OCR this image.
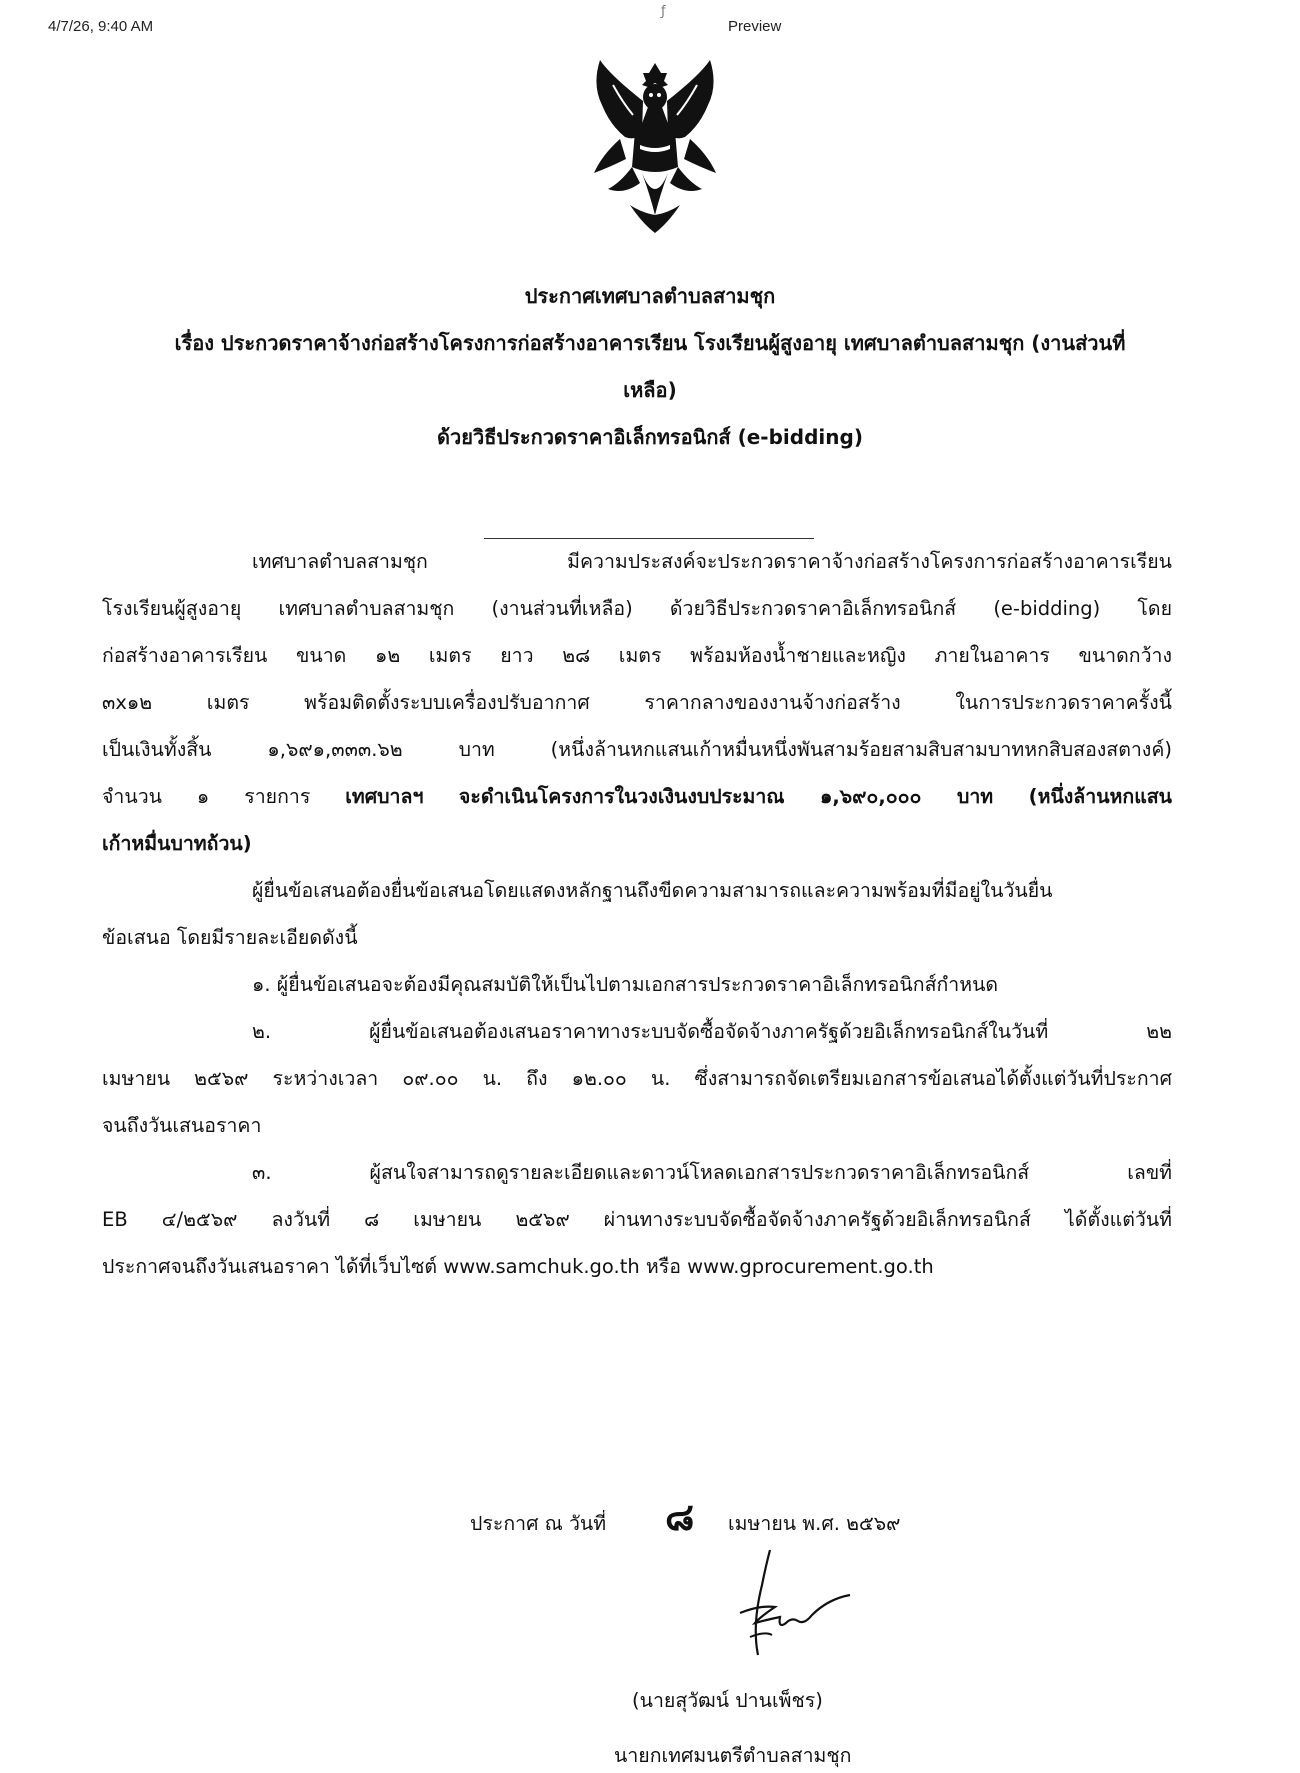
4/7/26, 9:40 AM	Preview
ƒ
ประกาศเทศบาลตำบลสามชุก
เรื่อง ประกวดราคาจ้างก่อสร้างโครงการก่อสร้างอาคารเรียน โรงเรียนผู้สูงอายุ เทศบาลตำบลสามชุก (งานส่วนที่
เหลือ)
ด้วยวิธีประกวดราคาอิเล็กทรอนิกส์ (e-bidding)
เทศบาลตำบลสามชุก มีความประสงค์จะประกวดราคาจ้างก่อสร้างโครงการก่อสร้างอาคารเรียน
โรงเรียนผู้สูงอายุ เทศบาลตำบลสามชุก (งานส่วนที่เหลือ) ด้วยวิธีประกวดราคาอิเล็กทรอนิกส์ (e-bidding) โดย
ก่อสร้างอาคารเรียน ขนาด ๑๒ เมตร ยาว ๒๘ เมตร พร้อมห้องน้ำชายและหญิง ภายในอาคาร ขนาดกว้าง
๓x๑๒ เมตร พร้อมติดตั้งระบบเครื่องปรับอากาศ ราคากลางของงานจ้างก่อสร้าง ในการประกวดราคาครั้งนี้
เป็นเงินทั้งสิ้น ๑,๖๙๑,๓๓๓.๖๒ บาท (หนึ่งล้านหกแสนเก้าหมื่นหนึ่งพันสามร้อยสามสิบสามบาทหกสิบสองสตางค์)
จำนวน ๑ รายการ เทศบาลฯ จะดำเนินโครงการในวงเงินงบประมาณ ๑,๖๙๐,๐๐๐ บาท (หนึ่งล้านหกแสน
เก้าหมื่นบาทถ้วน)
ผู้ยื่นข้อเสนอต้องยื่นข้อเสนอโดยแสดงหลักฐานถึงขีดความสามารถและความพร้อมที่มีอยู่ในวันยื่น
ข้อเสนอ โดยมีรายละเอียดดังนี้
๑. ผู้ยื่นข้อเสนอจะต้องมีคุณสมบัติให้เป็นไปตามเอกสารประกวดราคาอิเล็กทรอนิกส์กำหนด
๒. ผู้ยื่นข้อเสนอต้องเสนอราคาทางระบบจัดซื้อจัดจ้างภาครัฐด้วยอิเล็กทรอนิกส์ในวันที่ ๒๒
เมษายน ๒๕๖๙ ระหว่างเวลา ๐๙.๐๐ น. ถึง ๑๒.๐๐ น. ซึ่งสามารถจัดเตรียมเอกสารข้อเสนอได้ตั้งแต่วันที่ประกาศ
จนถึงวันเสนอราคา
๓. ผู้สนใจสามารถดูรายละเอียดและดาวน์โหลดเอกสารประกวดราคาอิเล็กทรอนิกส์ เลขที่
EB ๔/๒๕๖๙ ลงวันที่ ๘ เมษายน ๒๕๖๙ ผ่านทางระบบจัดซื้อจัดจ้างภาครัฐด้วยอิเล็กทรอนิกส์ ได้ตั้งแต่วันที่
ประกาศจนถึงวันเสนอราคา ได้ที่เว็บไซต์ www.samchuk.go.th หรือ www.gprocurement.go.th
ประกาศ ณ วันที่ ๘ เมษายน พ.ศ. ๒๕๖๙
(นายสุวัฒน์ ปานเพ็ชร)
นายกเทศมนตรีตำบลสามชุก
